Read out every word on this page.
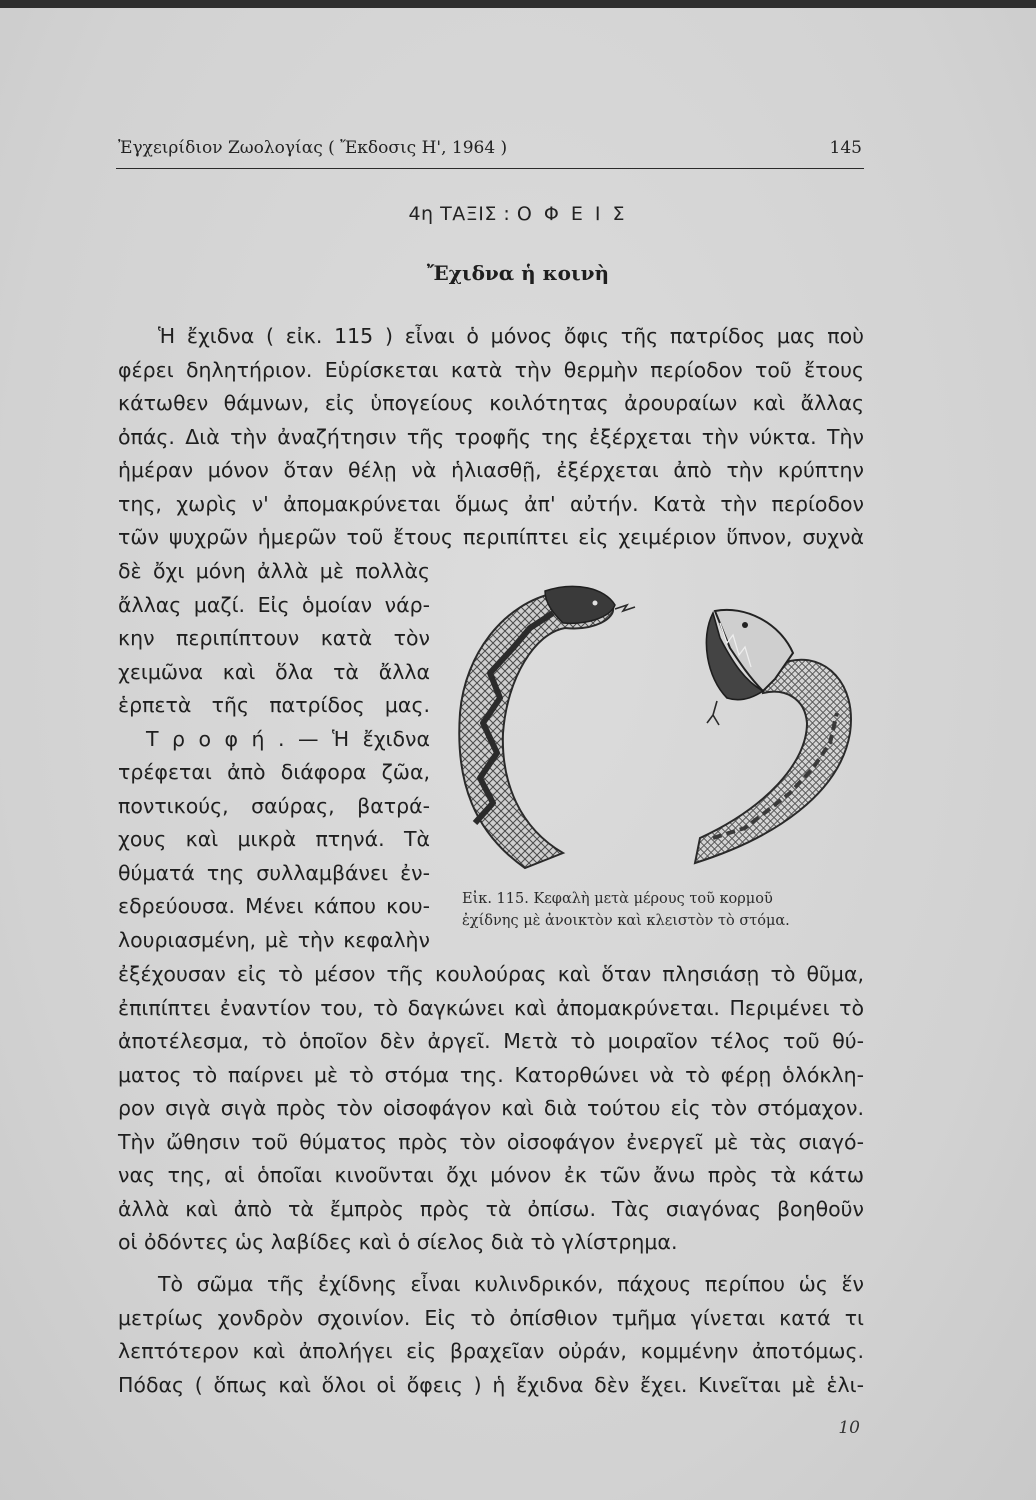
Ἐγχειρίδιον Ζωολογίας ( Ἔκδοσις Η', 1964 )	145
4η ΤΑΞΙΣ : Ο Φ Ε Ι Σ
Ἔχιδνα ἡ κοινὴ
Ἡ ἔχιδνα ( εἰκ. 115 ) εἶναι ὁ μόνος ὄφις τῆς πατρίδος μας ποὺ
φέρει δηλητήριον. Εὑρίσκεται κατὰ τὴν θερμὴν περίοδον τοῦ ἔτους
κάτωθεν θάμνων, εἰς ὑπογείους κοιλότητας ἀρουραίων καὶ ἄλλας
ὀπάς. Διὰ τὴν ἀναζήτησιν τῆς τροφῆς της ἐξέρχεται τὴν νύκτα. Τὴν
ἡμέραν μόνον ὅταν θέλῃ νὰ ἡλιασθῇ, ἐξέρχεται ἀπὸ τὴν κρύπτην
της, χωρὶς ν' ἀπομακρύνεται ὅμως ἀπ' αὐτήν. Κατὰ τὴν περίοδον
τῶν ψυχρῶν ἡμερῶν τοῦ ἔτους περιπίπτει εἰς χειμέριον ὕπνον, συχνὰ
δὲ ὄχι μόνη ἀλλὰ μὲ πολλὰς
ἄλλας μαζί. Εἰς ὁμοίαν νάρ-
κην περιπίπτουν κατὰ τὸν
χειμῶνα καὶ ὅλα τὰ ἄλλα
ἑρπετὰ τῆς πατρίδος μας.
Τ ρ ο φ ή . — Ἡ ἔχιδνα
τρέφεται ἀπὸ διάφορα ζῶα,
ποντικούς, σαύρας, βατρά-
χους καὶ μικρὰ πτηνά. Τὰ
θύματά της συλλαμβάνει ἐν-
εδρεύουσα. Μένει κάπου κου-
λουριασμένη, μὲ τὴν κεφαλὴν
Εἰκ. 115. Κεφαλὴ μετὰ μέρους τοῦ κορμοῦ
ἐχίδνης μὲ ἀνοικτὸν καὶ κλειστὸν τὸ στόμα.
ἐξέχουσαν εἰς τὸ μέσον τῆς κουλούρας καὶ ὅταν πλησιάσῃ τὸ θῦμα,
ἐπιπίπτει ἐναντίον του, τὸ δαγκώνει καὶ ἀπομακρύνεται. Περιμένει τὸ
ἀποτέλεσμα, τὸ ὁποῖον δὲν ἀργεῖ. Μετὰ τὸ μοιραῖον τέλος τοῦ θύ-
ματος τὸ παίρνει μὲ τὸ στόμα της. Κατορθώνει νὰ τὸ φέρῃ ὁλόκλη-
ρον σιγὰ σιγὰ πρὸς τὸν οἰσοφάγον καὶ διὰ τούτου εἰς τὸν στόμαχον.
Τὴν ὤθησιν τοῦ θύματος πρὸς τὸν οἰσοφάγον ἐνεργεῖ μὲ τὰς σιαγό-
νας της, αἱ ὁποῖαι κινοῦνται ὄχι μόνον ἐκ τῶν ἄνω πρὸς τὰ κάτω
ἀλλὰ καὶ ἀπὸ τὰ ἔμπρὸς πρὸς τὰ ὀπίσω. Τὰς σιαγόνας βοηθοῦν
οἱ ὀδόντες ὡς λαβίδες καὶ ὁ σίελος διὰ τὸ γλίστρημα.
Τὸ σῶμα τῆς ἐχίδνης εἶναι κυλινδρικόν, πάχους περίπου ὡς ἕν
μετρίως χονδρὸν σχοινίον. Εἰς τὸ ὀπίσθιον τμῆμα γίνεται κατά τι
λεπτότερον καὶ ἀπολήγει εἰς βραχεῖαν οὐράν, κομμένην ἀποτόμως.
Πόδας ( ὅπως καὶ ὅλοι οἱ ὄφεις ) ἡ ἔχιδνα δὲν ἔχει. Κινεῖται μὲ ἑλι-
10
